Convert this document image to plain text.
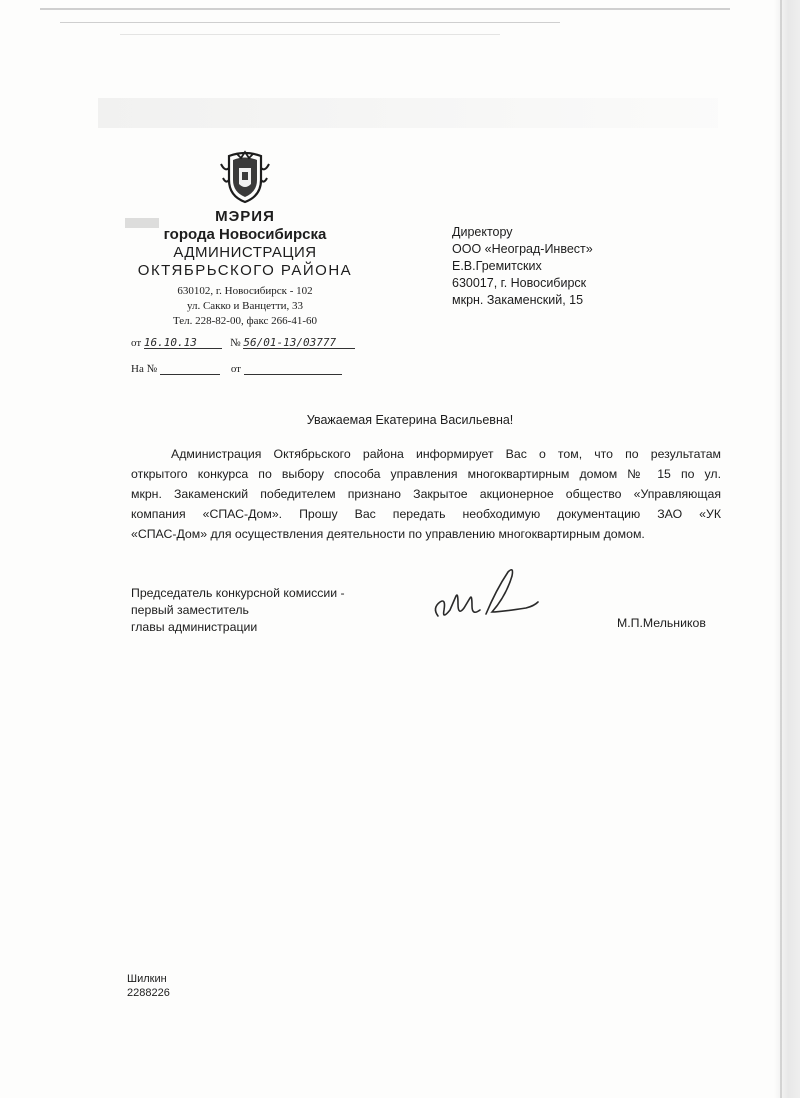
МЭРИЯ
города Новосибирска
АДМИНИСТРАЦИЯ
ОКТЯБРЬСКОГО РАЙОНА
630102, г. Новосибирск - 102
ул. Сакко и Ванцетти, 33
Тел. 228-82-00, факс 266-41-60
от 16.10.13	№ 56/01-13/03777
На №	от
Директору
ООО «Неоград-Инвест»
Е.В.Гремитских
630017, г. Новосибирск
мкрн. Закаменский, 15
Уважаемая Екатерина Васильевна!
Администрация Октябрьского района информирует Вас о том, что по результатам
открытого конкурса по выбору способа управления многоквартирным домом № 15 по ул.
мкрн. Закаменский победителем признано Закрытое акционерное общество «Управляющая
компания «СПАС-Дом». Прошу Вас передать необходимую документацию ЗАО «УК
«СПАС-Дом» для осуществления деятельности по управлению многоквартирным домом.
Председатель конкурсной комиссии -
первый заместитель
главы администрации	М.П.Мельников
Шилкин
2288226
